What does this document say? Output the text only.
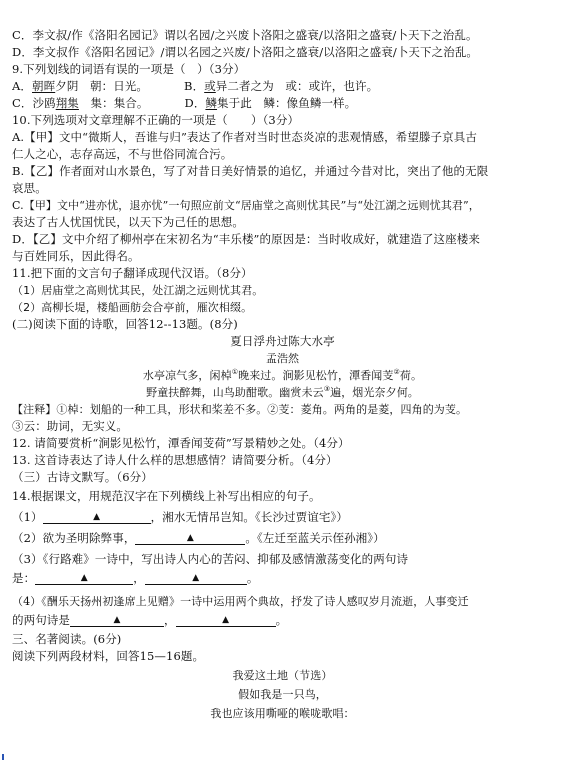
C．李文叔/作《洛阳名园记》谓以名园/之兴废卜洛阳之盛衰/以洛阳之盛衰/卜天下之治乱。
D．李文叔作《洛阳名园记》/谓以名园之兴废/卜洛阳之盛衰/以洛阳之盛衰/卜天下之治乱。
9.下列划线的词语有误的一项是（　）（3分）
A．朝晖夕阴　朝：日光。	B．或异二者之为　或：或许，也许。
C．沙鸥翔集　集：集合。	D．鳞集于此　鳞：像鱼鳞一样。
10.下列选项对文章理解不正确的一项是（　　）（3分）
A.【甲】文中“微斯人，吾谁与归”表达了作者对当时世态炎凉的悲观情感，希望滕子京具古
仁人之心，志存高远，不与世俗同流合污。
B.【乙】作者面对山水景色，写了对昔日美好情景的追忆，并通过今昔对比，突出了他的无限
哀思。
C.【甲】文中“进亦忧，退亦忧”一句照应前文“居庙堂之高则忧其民”与“处江湖之远则忧其君”，
表达了古人忧国忧民，以天下为己任的思想。
D．【乙】文中介绍了柳州亭在宋初名为“丰乐楼”的原因是：当时收成好，就建造了这座楼来
与百姓同乐，因此得名。
11.把下面的文言句子翻译成现代汉语。（8分）
（1）居庙堂之高则忧其民，处江湖之远则忧其君。
（2）高柳长堤，楼船画舫会合亭前，雁次相缀。
(二)阅读下面的诗歌，回答12--13题。(8分)
夏日浮舟过陈大水亭
孟浩然
水亭凉气多，闲棹①晚来过。涧影见松竹，潭香闻芰②荷。
野童扶醉舞，山鸟助酣歌。幽赏未云③遍，烟光奈夕何。
【注释】①棹：划船的一种工具，形状和桨差不多。②芰：菱角。两角的是菱，四角的为芰。
③云：助词，无实义。
12. 请简要赏析“涧影见松竹，潭香闻芰荷”写景精妙之处。（4分）
13. 这首诗表达了诗人什么样的思想感情？请简要分析。（4分）
（三）古诗文默写。（6分）
14.根据课文，用规范汉字在下列横线上补写出相应的句子。
（1）	▲	，湘水无情吊岂知。《长沙过贾谊宅》）
（2）欲为圣明除弊事，	▲	。《左迁至蓝关示侄孙湘》）
（3）《行路难》一诗中，写出诗人内心的苦闷、抑郁及感情激荡变化的两句诗
是：	▲	，	▲	。
（4）《酬乐天扬州初逢席上见赠》一诗中运用两个典故，抒发了诗人感叹岁月流逝，人事变迁
的两句诗是	▲	，	▲	。
三、名著阅读。(6分)
阅读下列两段材料，回答15—16题。
我爱这土地（节选）
假如我是一只鸟，
我也应该用嘶哑的喉咙歌唱：
